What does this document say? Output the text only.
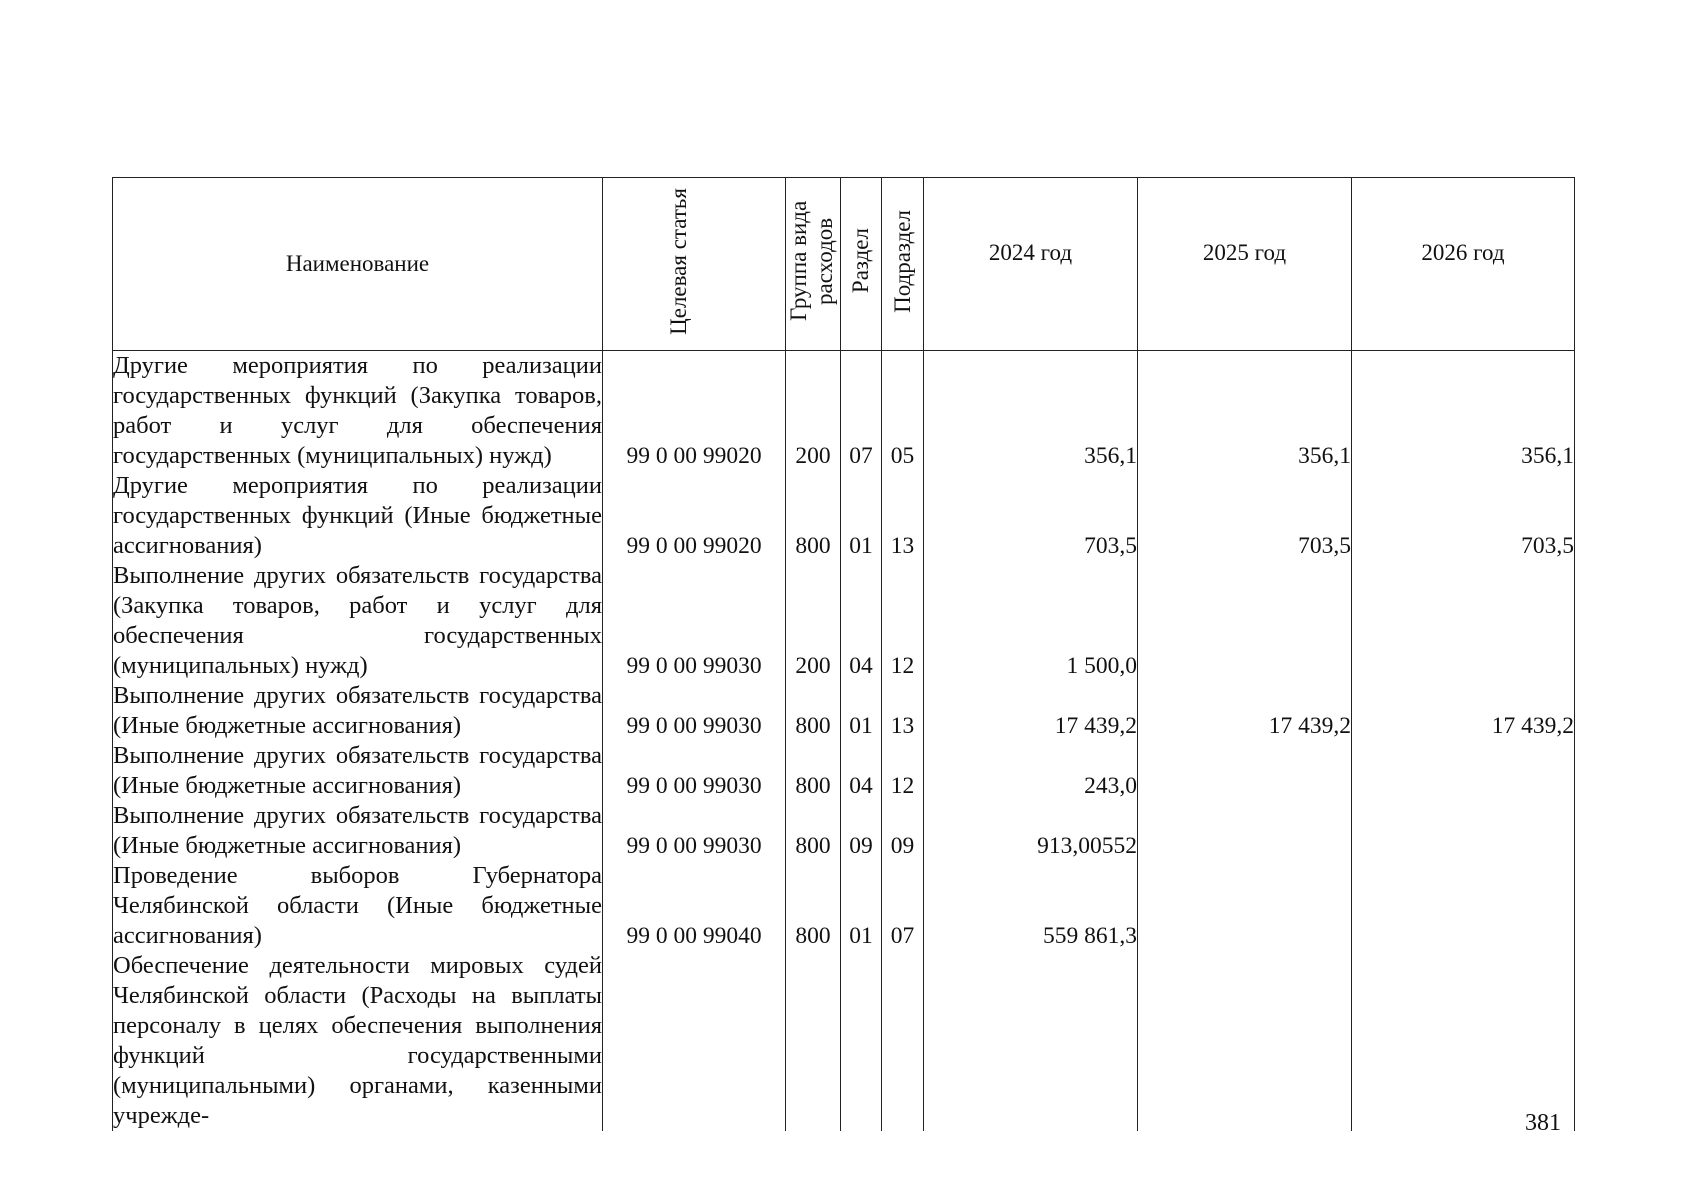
Наименование	Целевая статья	Группа вида расходов	Раздел	Подраздел	2024 год	2025 год	2026 год
Другие мероприятия по реализации государственных функций (Закупка товаров, работ и услуг для обеспечения государственных (муниципальных) нужд)	99 0 00 99020	200	07	05	356,1	356,1	356,1
Другие мероприятия по реализации государственных функций (Иные бюджетные ассигнования)	99 0 00 99020	800	01	13	703,5	703,5	703,5
Выполнение других обязательств государства (Закупка товаров, работ и услуг для обеспечения государственных (муниципальных) нужд)	99 0 00 99030	200	04	12	1 500,0		
Выполнение других обязательств государства (Иные бюджетные ассигнования)	99 0 00 99030	800	01	13	17 439,2	17 439,2	17 439,2
Выполнение других обязательств государства (Иные бюджетные ассигнования)	99 0 00 99030	800	04	12	243,0		
Выполнение других обязательств государства (Иные бюджетные ассигнования)	99 0 00 99030	800	09	09	913,00552		
Проведение выборов Губернатора Челябинской области (Иные бюджетные ассигнования)	99 0 00 99040	800	01	07	559 861,3		
Обеспечение деятельности мировых судей Челябинской области (Расходы на выплаты персоналу в целях обеспечения выполнения функций государственными (муниципальными) органами, казенными учрежде-								381
